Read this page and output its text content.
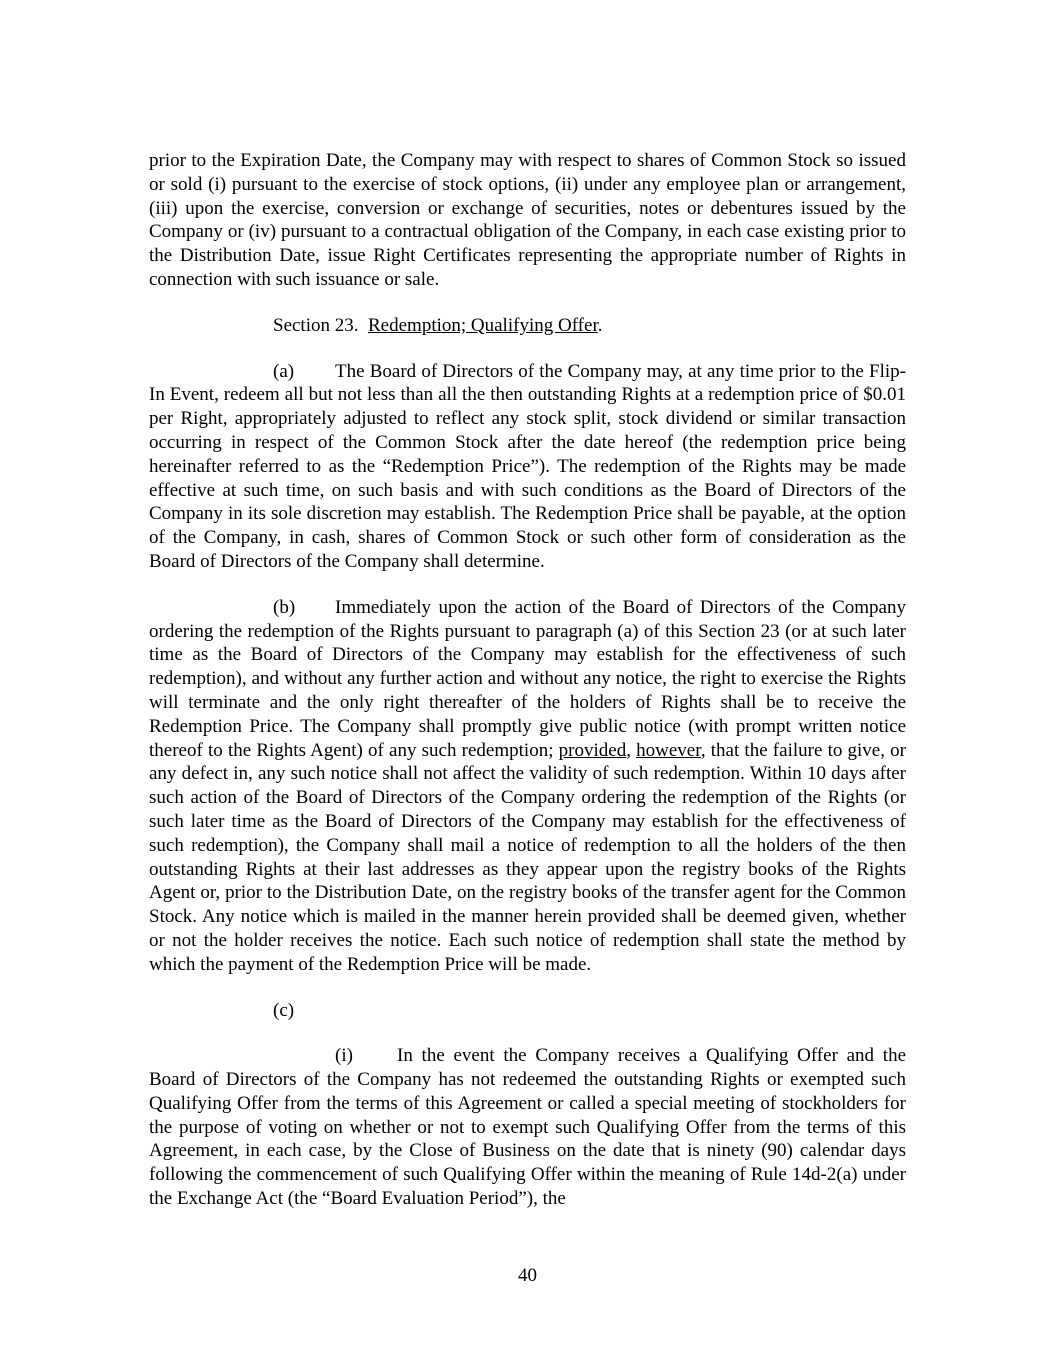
prior to the Expiration Date, the Company may with respect to shares of Common Stock so issued or sold (i) pursuant to the exercise of stock options, (ii) under any employee plan or arrangement, (iii) upon the exercise, conversion or exchange of securities, notes or debentures issued by the Company or (iv) pursuant to a contractual obligation of the Company, in each case existing prior to the Distribution Date, issue Right Certificates representing the appropriate number of Rights in connection with such issuance or sale.

Section 23. Redemption; Qualifying Offer.

(a) The Board of Directors of the Company may, at any time prior to the Flip-In Event, redeem all but not less than all the then outstanding Rights at a redemption price of $0.01 per Right, appropriately adjusted to reflect any stock split, stock dividend or similar transaction occurring in respect of the Common Stock after the date hereof (the redemption price being hereinafter referred to as the “Redemption Price”). The redemption of the Rights may be made effective at such time, on such basis and with such conditions as the Board of Directors of the Company in its sole discretion may establish. The Redemption Price shall be payable, at the option of the Company, in cash, shares of Common Stock or such other form of consideration as the Board of Directors of the Company shall determine.

(b) Immediately upon the action of the Board of Directors of the Company ordering the redemption of the Rights pursuant to paragraph (a) of this Section 23 (or at such later time as the Board of Directors of the Company may establish for the effectiveness of such redemption), and without any further action and without any notice, the right to exercise the Rights will terminate and the only right thereafter of the holders of Rights shall be to receive the Redemption Price. The Company shall promptly give public notice (with prompt written notice thereof to the Rights Agent) of any such redemption; provided, however, that the failure to give, or any defect in, any such notice shall not affect the validity of such redemption. Within 10 days after such action of the Board of Directors of the Company ordering the redemption of the Rights (or such later time as the Board of Directors of the Company may establish for the effectiveness of such redemption), the Company shall mail a notice of redemption to all the holders of the then outstanding Rights at their last addresses as they appear upon the registry books of the Rights Agent or, prior to the Distribution Date, on the registry books of the transfer agent for the Common Stock. Any notice which is mailed in the manner herein provided shall be deemed given, whether or not the holder receives the notice. Each such notice of redemption shall state the method by which the payment of the Redemption Price will be made.

(c)

(i) In the event the Company receives a Qualifying Offer and the Board of Directors of the Company has not redeemed the outstanding Rights or exempted such Qualifying Offer from the terms of this Agreement or called a special meeting of stockholders for the purpose of voting on whether or not to exempt such Qualifying Offer from the terms of this Agreement, in each case, by the Close of Business on the date that is ninety (90) calendar days following the commencement of such Qualifying Offer within the meaning of Rule 14d-2(a) under the Exchange Act (the “Board Evaluation Period”), the

40
